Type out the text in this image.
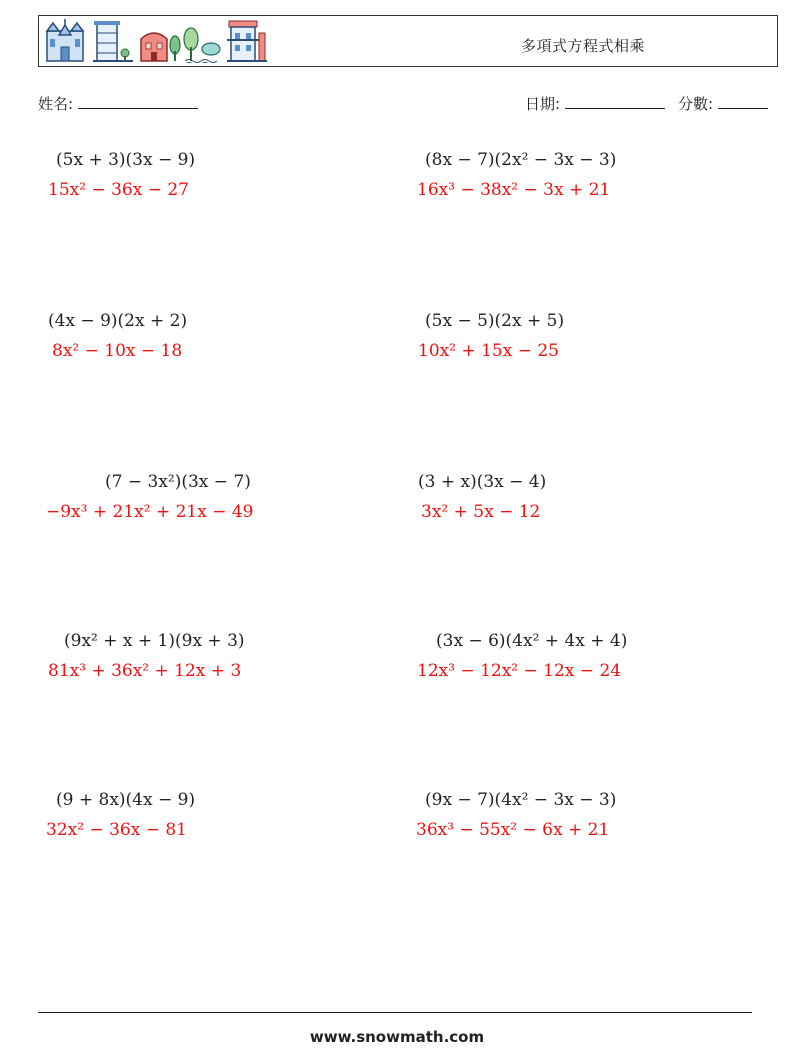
多項式方程式相乘
姓名:	日期:	分數:
(5x + 3)(3x − 9)
15x² − 36x − 27
(8x − 7)(2x² − 3x − 3)
16x³ − 38x² − 3x + 21
(4x − 9)(2x + 2)
8x² − 10x − 18
(5x − 5)(2x + 5)
10x² + 15x − 25
(7 − 3x²)(3x − 7)
−9x³ + 21x² + 21x − 49
(3 + x)(3x − 4)
3x² + 5x − 12
(9x² + x + 1)(9x + 3)
81x³ + 36x² + 12x + 3
(3x − 6)(4x² + 4x + 4)
12x³ − 12x² − 12x − 24
(9 + 8x)(4x − 9)
32x² − 36x − 81
(9x − 7)(4x² − 3x − 3)
36x³ − 55x² − 6x + 21
www.snowmath.com
